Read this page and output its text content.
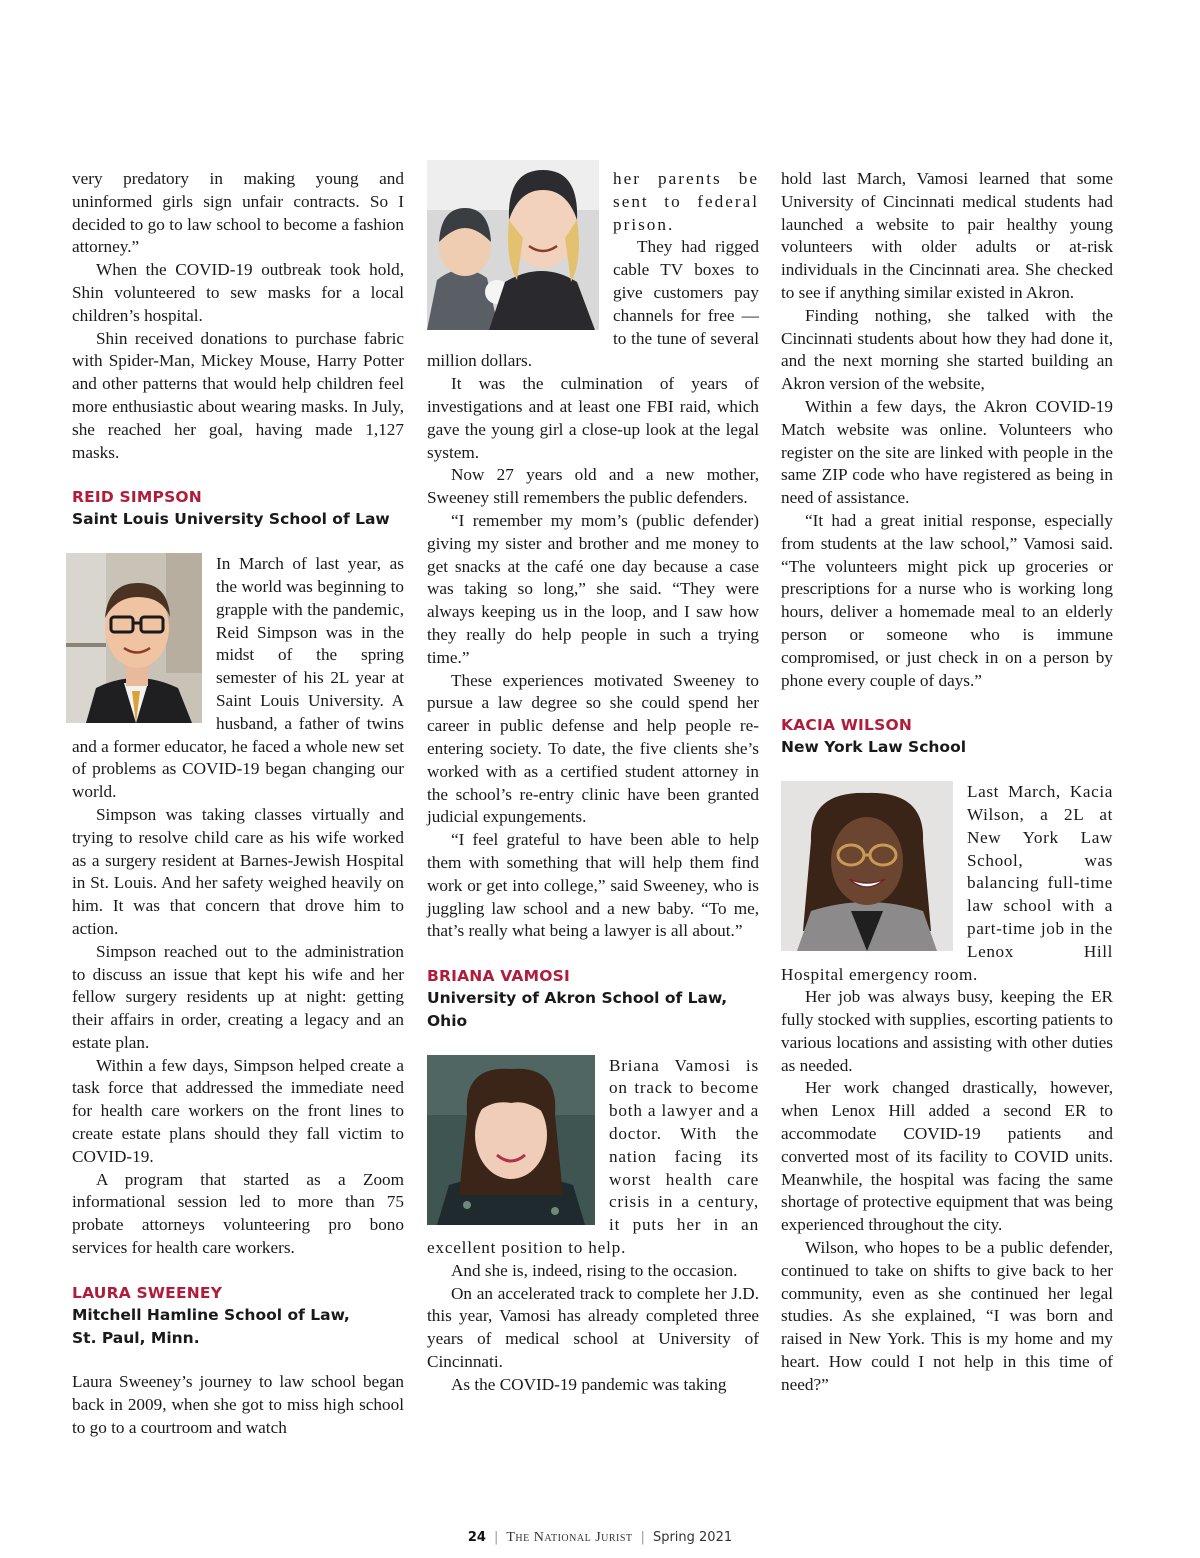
very predatory in making young and uninformed girls sign unfair contracts. So I decided to go to law school to become a fashion attorney.”

When the COVID-19 outbreak took hold, Shin volunteered to sew masks for a local children’s hospital.

Shin received donations to purchase fabric with Spider-Man, Mickey Mouse, Harry Potter and other patterns that would help children feel more enthusiastic about wearing masks. In July, she reached her goal, having made 1,127 masks.

REID SIMPSON
Saint Louis University School of Law

In March of last year, as the world was beginning to grapple with the pandemic, Reid Simpson was in the midst of the spring semester of his 2L year at Saint Louis University. A husband, a father of twins and a former educator, he faced a whole new set of problems as COVID-19 began changing our world.

Simpson was taking classes virtually and trying to resolve child care as his wife worked as a surgery resident at Barnes-Jewish Hospital in St. Louis. And her safety weighed heavily on him. It was that concern that drove him to action.

Simpson reached out to the administration to discuss an issue that kept his wife and her fellow surgery residents up at night: getting their affairs in order, creating a legacy and an estate plan.

Within a few days, Simpson helped create a task force that addressed the immediate need for health care workers on the front lines to create estate plans should they fall victim to COVID-19.

A program that started as a Zoom informational session led to more than 75 probate attorneys volunteering pro bono services for health care workers.

LAURA SWEENEY
Mitchell Hamline School of Law,
St. Paul, Minn.

Laura Sweeney’s journey to law school began back in 2009, when she got to miss high school to go to a courtroom and watch

her parents be sent to federal prison.

They had rigged cable TV boxes to give customers pay channels for free — to the tune of several million dollars.

It was the culmination of years of investigations and at least one FBI raid, which gave the young girl a close-up look at the legal system.

Now 27 years old and a new mother, Sweeney still remembers the public defenders.

“I remember my mom’s (public defender) giving my sister and brother and me money to get snacks at the café one day because a case was taking so long,” she said. “They were always keeping us in the loop, and I saw how they really do help people in such a trying time.”

These experiences motivated Sweeney to pursue a law degree so she could spend her career in public defense and help people re-entering society. To date, the five clients she’s worked with as a certified student attorney in the school’s re-entry clinic have been granted judicial expungements.

“I feel grateful to have been able to help them with something that will help them find work or get into college,” said Sweeney, who is juggling law school and a new baby. “To me, that’s really what being a lawyer is all about.”

BRIANA VAMOSI
University of Akron School of Law, Ohio

Briana Vamosi is on track to become both a lawyer and a doctor. With the nation facing its worst health care crisis in a century, it puts her in an excellent position to help.

And she is, indeed, rising to the occasion.

On an accelerated track to complete her J.D. this year, Vamosi has already completed three years of medical school at University of Cincinnati.

As the COVID-19 pandemic was taking

hold last March, Vamosi learned that some University of Cincinnati medical students had launched a website to pair healthy young volunteers with older adults or at-risk individuals in the Cincinnati area. She checked to see if anything similar existed in Akron.

Finding nothing, she talked with the Cincinnati students about how they had done it, and the next morning she started building an Akron version of the website,

Within a few days, the Akron COVID-19 Match website was online. Volunteers who register on the site are linked with people in the same ZIP code who have registered as being in need of assistance.

“It had a great initial response, especially from students at the law school,” Vamosi said. “The volunteers might pick up groceries or prescriptions for a nurse who is working long hours, deliver a homemade meal to an elderly person or someone who is immune compromised, or just check in on a person by phone every couple of days.”

KACIA WILSON
New York Law School

Last March, Kacia Wilson, a 2L at New York Law School, was balancing full-time law school with a part-time job in the Lenox Hill Hospital emergency room.

Her job was always busy, keeping the ER fully stocked with supplies, escorting patients to various locations and assisting with other duties as needed.

Her work changed drastically, however, when Lenox Hill added a second ER to accommodate COVID-19 patients and converted most of its facility to COVID units. Meanwhile, the hospital was facing the same shortage of protective equipment that was being experienced throughout the city.

Wilson, who hopes to be a public defender, continued to take on shifts to give back to her community, even as she continued her legal studies. As she explained, “I was born and raised in New York. This is my home and my heart. How could I not help in this time of need?”

24 | The National Jurist | Spring 2021
